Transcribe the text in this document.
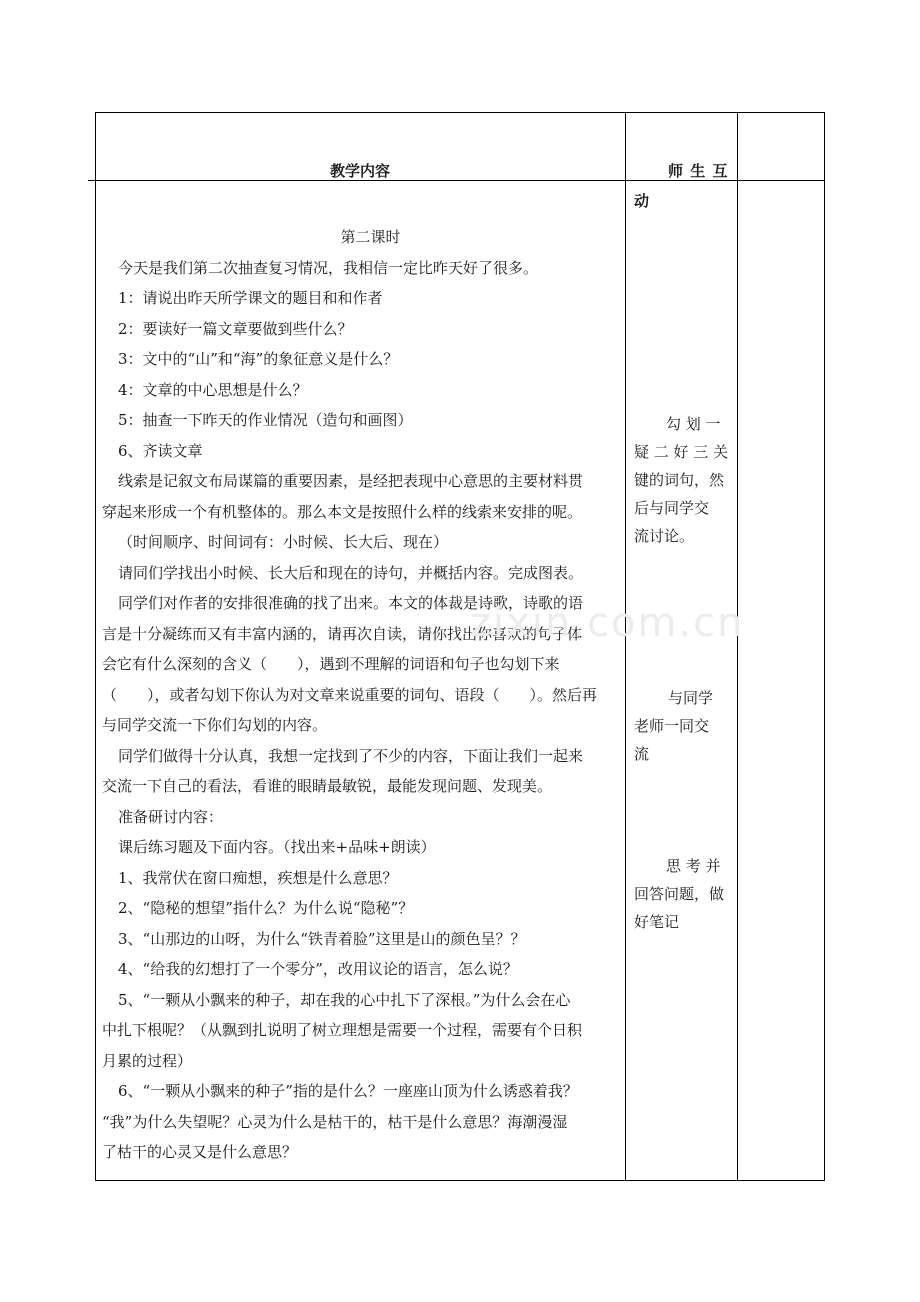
教学内容	师 生 互
动

第二课时

今天是我们第二次抽查复习情况，我相信一定比昨天好了很多。

1：请说出昨天所学课文的题目和和作者

2：要读好一篇文章要做到些什么？

3：文中的“山”和“海”的象征意义是什么？

4：文章的中心思想是什么？

5：抽查一下昨天的作业情况（造句和画图）

6、齐读文章

线索是记叙文布局谋篇的重要因素，是经把表现中心意思的主要材料贯

穿起来形成一个有机整体的。那么本文是按照什么样的线索来安排的呢。

（时间顺序、时间词有：小时候、长大后、现在）

请同们学找出小时候、长大后和现在的诗句，并概括内容。完成图表。

同学们对作者的安排很准确的找了出来。本文的体裁是诗歌，诗歌的语

言是十分凝练而又有丰富内涵的，请再次自读，请你找出你喜欢的句子体

会它有什么深刻的含义（　　），遇到不理解的词语和句子也勾划下来

（　　），或者勾划下你认为对文章来说重要的词句、语段（　　）。然后再

与同学交流一下你们勾划的内容。

同学们做得十分认真，我想一定找到了不少的内容，下面让我们一起来

交流一下自己的看法，看谁的眼睛最敏锐，最能发现问题、发现美。

准备研讨内容：

课后练习题及下面内容。（找出来+品味+朗读）

1、我常伏在窗口痴想，疾想是什么意思？

2、“隐秘的想望”指什么？为什么说“隐秘”？

3、“山那边的山呀，为什么“铁青着脸”这里是山的颜色呈？？

4、“给我的幻想打了一个零分”，改用议论的语言，怎么说？

5、“一颗从小飘来的种子，却在我的心中扎下了深根。”为什么会在心

中扎下根呢？（从飘到扎说明了树立理想是需要一个过程，需要有个日积

月累的过程）

6、“一颗从小飘来的种子”指的是什么？一座座山顶为什么诱惑着我？

“我”为什么失望呢？心灵为什么是枯干的，枯干是什么意思？海潮漫湿

了枯干的心灵又是什么意思？

勾 划 一

疑 二 好 三 关

键的词句，然

后与同学交

流讨论。

与同学

老师一同交

流

思 考 并

回答问题，做

好笔记

zixin.com.cn
